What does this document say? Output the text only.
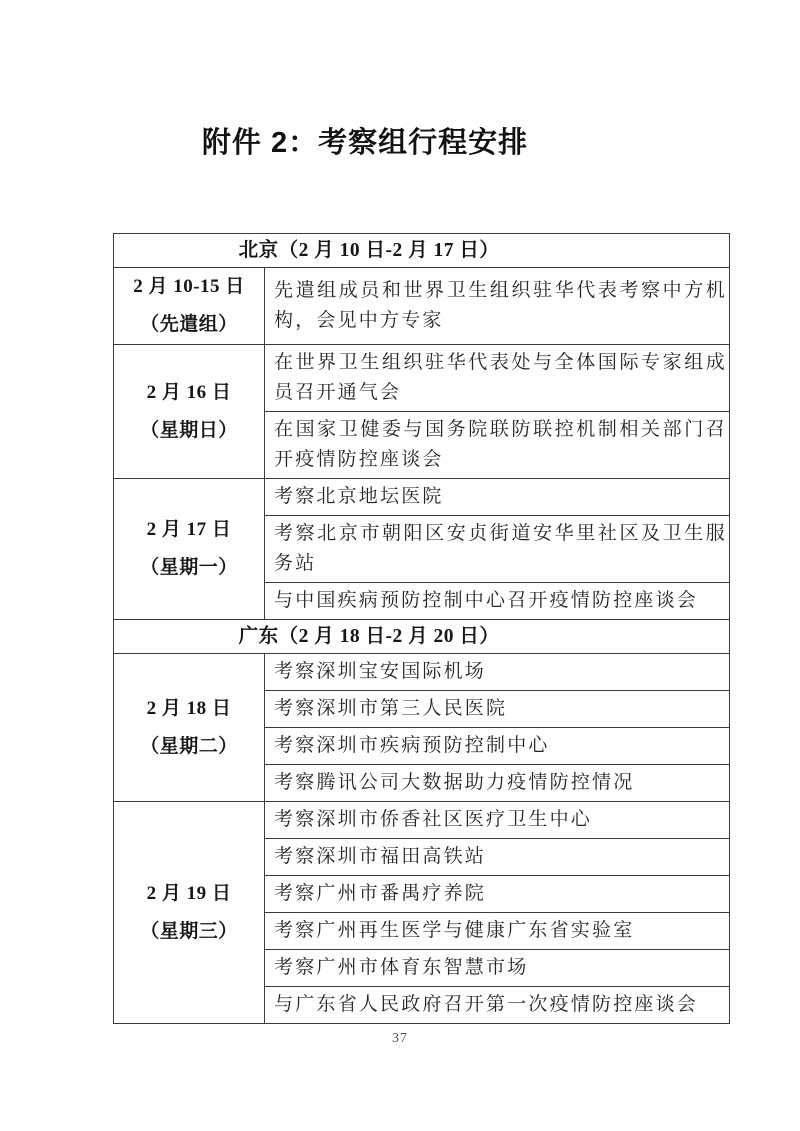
附件 2：考察组行程安排
北京（2 月 10 日-2 月 17 日）	

2 月 10-15 日
（先遣组）	先遣组成员和世界卫生组织驻华代表考察中方机构，会见中方专家

2 月 16 日
（星期日）	在世界卫生组织驻华代表处与全体国际专家组成员召开通气会
	在国家卫健委与国务院联防联控机制相关部门召开疫情防控座谈会

2 月 17 日
（星期一）	考察北京地坛医院
	考察北京市朝阳区安贞街道安华里社区及卫生服务站
	与中国疾病预防控制中心召开疫情防控座谈会
广东（2 月 18 日-2 月 20 日）	

2 月 18 日
（星期二）	考察深圳宝安国际机场
	考察深圳市第三人民医院
	考察深圳市疾病预防控制中心
	考察腾讯公司大数据助力疫情防控情况

2 月 19 日
（星期三）	考察深圳市侨香社区医疗卫生中心
	考察深圳市福田高铁站
	考察广州市番禺疗养院
	考察广州再生医学与健康广东省实验室
	考察广州市体育东智慧市场
	与广东省人民政府召开第一次疫情防控座谈会
37
